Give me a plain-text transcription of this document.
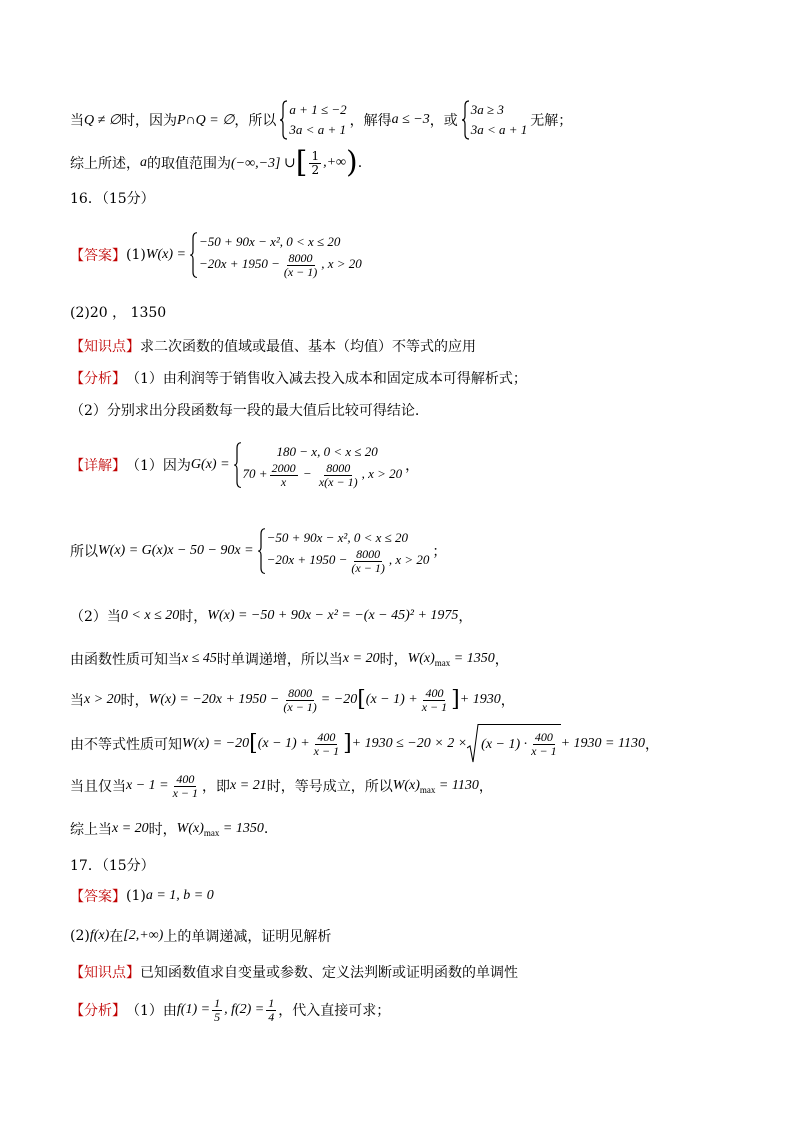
当 Q ≠ ∅ 时，因为 P∩Q = ∅ ，所以
a + 1 ≤ −2
3a < a + 1
，解得 a ≤ −3 ，或
3a ≥ 3
3a < a + 1
无解；
综上所述， a 的取值范围为 (−∞,−3] ∪ [ $\frac{1}{2}$ ,+∞ ) .
16．（15分）
【答案】 (1) W(x) =
−50 + 90x − x², 0 < x ≤ 20
$-20x + 1950 - \frac{8000}{(x - 1)}$ , x > 20
(2)20 ， 1350
【知识点】 求二次函数的值域或最值、基本（均值）不等式的应用
【分析】 （1）由利润等于销售收入减去投入成本和固定成本可得解析式；
（2）分别求出分段函数每一段的最大值后比较可得结论.
【详解】 （1）因为 G(x) =
180 − x, 0 < x ≤ 20
$70 + \frac{2000}{x} - \frac{8000}{x(x - 1)}$ , x > 20 ，
所以 W(x) = G(x)x − 50 − 90x =
−50 + 90x − x², 0 < x ≤ 20
$-20x + 1950 - \frac{8000}{(x - 1)}$ , x > 20 ；
（2）当 0 < x ≤ 20 时， W(x) = −50 + 90x − x² = −(x − 45)² + 1975 ，
由函数性质可知当 x ≤ 45 时单调递增，所以当 x = 20 时， $W(x)_{max} = 1350$ ，
当 x > 20 时， $W(x) = -20x + 1950 - \frac{8000}{(x - 1)} = -20$ [ $(x - 1) + \frac{400}{x - 1}$ ] + 1930 ，
由不等式性质可知 W(x) = −20 [ $(x - 1) + \frac{400}{x - 1}$ ] + $1930 \le -20 \times 2 \times (x - 1) \cdot \frac{400}{x - 1} + 1930 = 1130$ ，
当且仅当 $x - 1 = \frac{400}{x - 1}$ ，即 x = 21 时，等号成立，所以 $W(x)_{max} = 1130$ ，
综上当 x = 20 时， $W(x)_{max} = 1350$ .
17．（15分）
【答案】 (1) a = 1, b = 0
(2) f(x) 在 [2,+∞) 上的单调递减，证明见解析
【知识点】 已知函数值求自变量或参数、定义法判断或证明函数的单调性
【分析】 （1）由 $f(1) = \frac{1}{5}$ , $f(2) = \frac{1}{4}$ ，代入直接可求；
